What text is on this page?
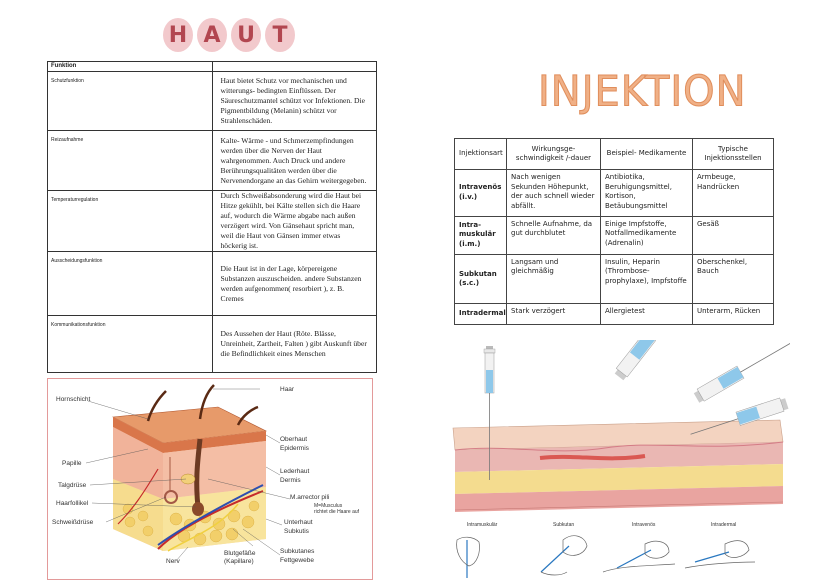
H A U T
Funktion	
Schutzfunktion	Haut bietet Schutz vor mechanischen und witterungs- bedingten Einflüssen. Der Säureschutzmantel schützt vor Infektionen. Die Pigmentbildung (Melanin) schützt vor Strahlenschäden.
Reizaufnahme	Kalte- Wärme - und Schmerzempfindungen werden über die Nerven der Haut wahrgenommen. Auch Druck und andere Berührungsqualitäten werden über die Nervenendorgane an das Gehirn weitergegeben.
Temperaturregulation	Durch Schweißabsonderung wird die Haut bei Hitze gekühlt, bei Kälte stellen sich die Haare auf, wodurch die Wärme abgabe nach außen verzögert wird. Von Gänsehaut spricht man, weil die Haut von Gänsen immer etwas höckerig ist.
Ausscheidungsfunktion	Die Haut ist in der Lage, körpereigene Substanzen auszuscheiden. andere Substanzen werden aufgenommen( resorbiert ), z. B. Cremes
Kommunikationsfunktion	Des Aussehen der Haut (Röte. Blässe, Unreinheit, Zartheit, Falten ) gibt Auskunft über die Befindlichkeit eines Menschen
Hornschicht
Papille
Talgdrüse
Haarfollikel
Schweißdrüse
Nerv
Blutgefäße
(Kapillare)
Haar
Oberhaut
Epidermis
Lederhaut
Dermis
M.arrector pili
M=Musculus
richtet die Haare auf
Unterhaut
Subkutis
Subkutanes
Fettgewebe
INJEKTION
Injektionsart	Wirkungsge- schwindigkeit /-dauer	Beispiel- Medikamente	Typische Injektionsstellen
Intravenös (i.v.)	Nach wenigen Sekunden Höhepunkt, der auch schnell wieder abfällt.	Antibiotika, Beruhigungsmittel, Kortison, Betäubungsmittel	Armbeuge, Handrücken
Intra- muskulär (i.m.)	Schnelle Aufnahme, da gut durchblutet	Einige Impfstoffe, Notfallmedikamente (Adrenalin)	Gesäß
Subkutan (s.c.)	Langsam und gleichmäßig	Insulin, Heparin (Thrombose- prophylaxe), Impfstoffe	Oberschenkel, Bauch
Intradermal	Stark verzögert	Allergietest	Unterarm, Rücken
Intramuskulär	Subkutan	Intravenös	Intradermal
